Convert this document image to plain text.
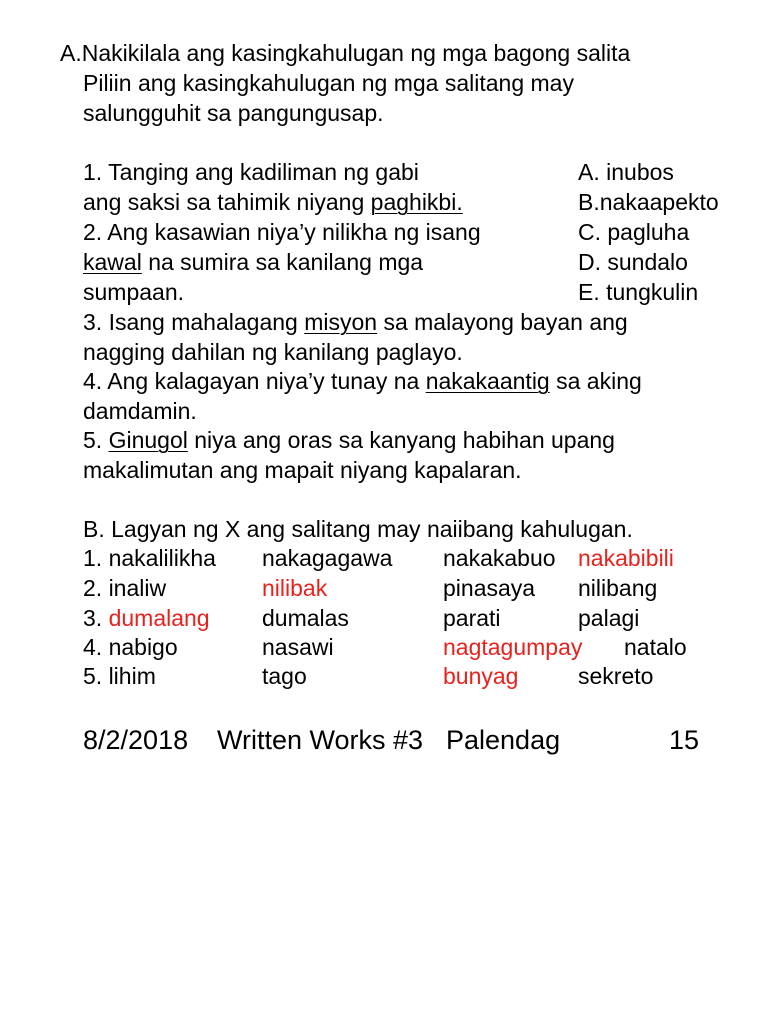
A.Nakikilala ang kasingkahulugan ng mga bagong salita
Piliin ang kasingkahulugan ng mga salitang may
salungguhit sa pangungusap.
1. Tanging ang kadiliman ng gabi
ang saksi sa tahimik niyang paghikbi.
2. Ang kasawian niya’y nilikha ng isang
kawal na sumira sa kanilang mga
sumpaan.
3. Isang mahalagang misyon sa malayong bayan ang
nagging dahilan ng kanilang paglayo.
4. Ang kalagayan niya’y tunay na nakakaantig sa aking
damdamin.
5. Ginugol niya ang oras sa kanyang habihan upang
makalimutan ang mapait niyang kapalaran.
A. inubos
B.nakaapekto
C. pagluha
D. sundalo
E. tungkulin
B. Lagyan ng X ang salitang may naiibang kahulugan.
1. nakalilikha nakagagawa nakakabuo nakabibili
2. inaliw	nilibak	pinasaya nilibang
3. dumalang dumalas	parati	palagi
4. nabigo	nasawi	nagtagumpay natalo
5. lihim	tago	bunyag	sekreto
8/2/2018 Written Works #3 Palendag	15
